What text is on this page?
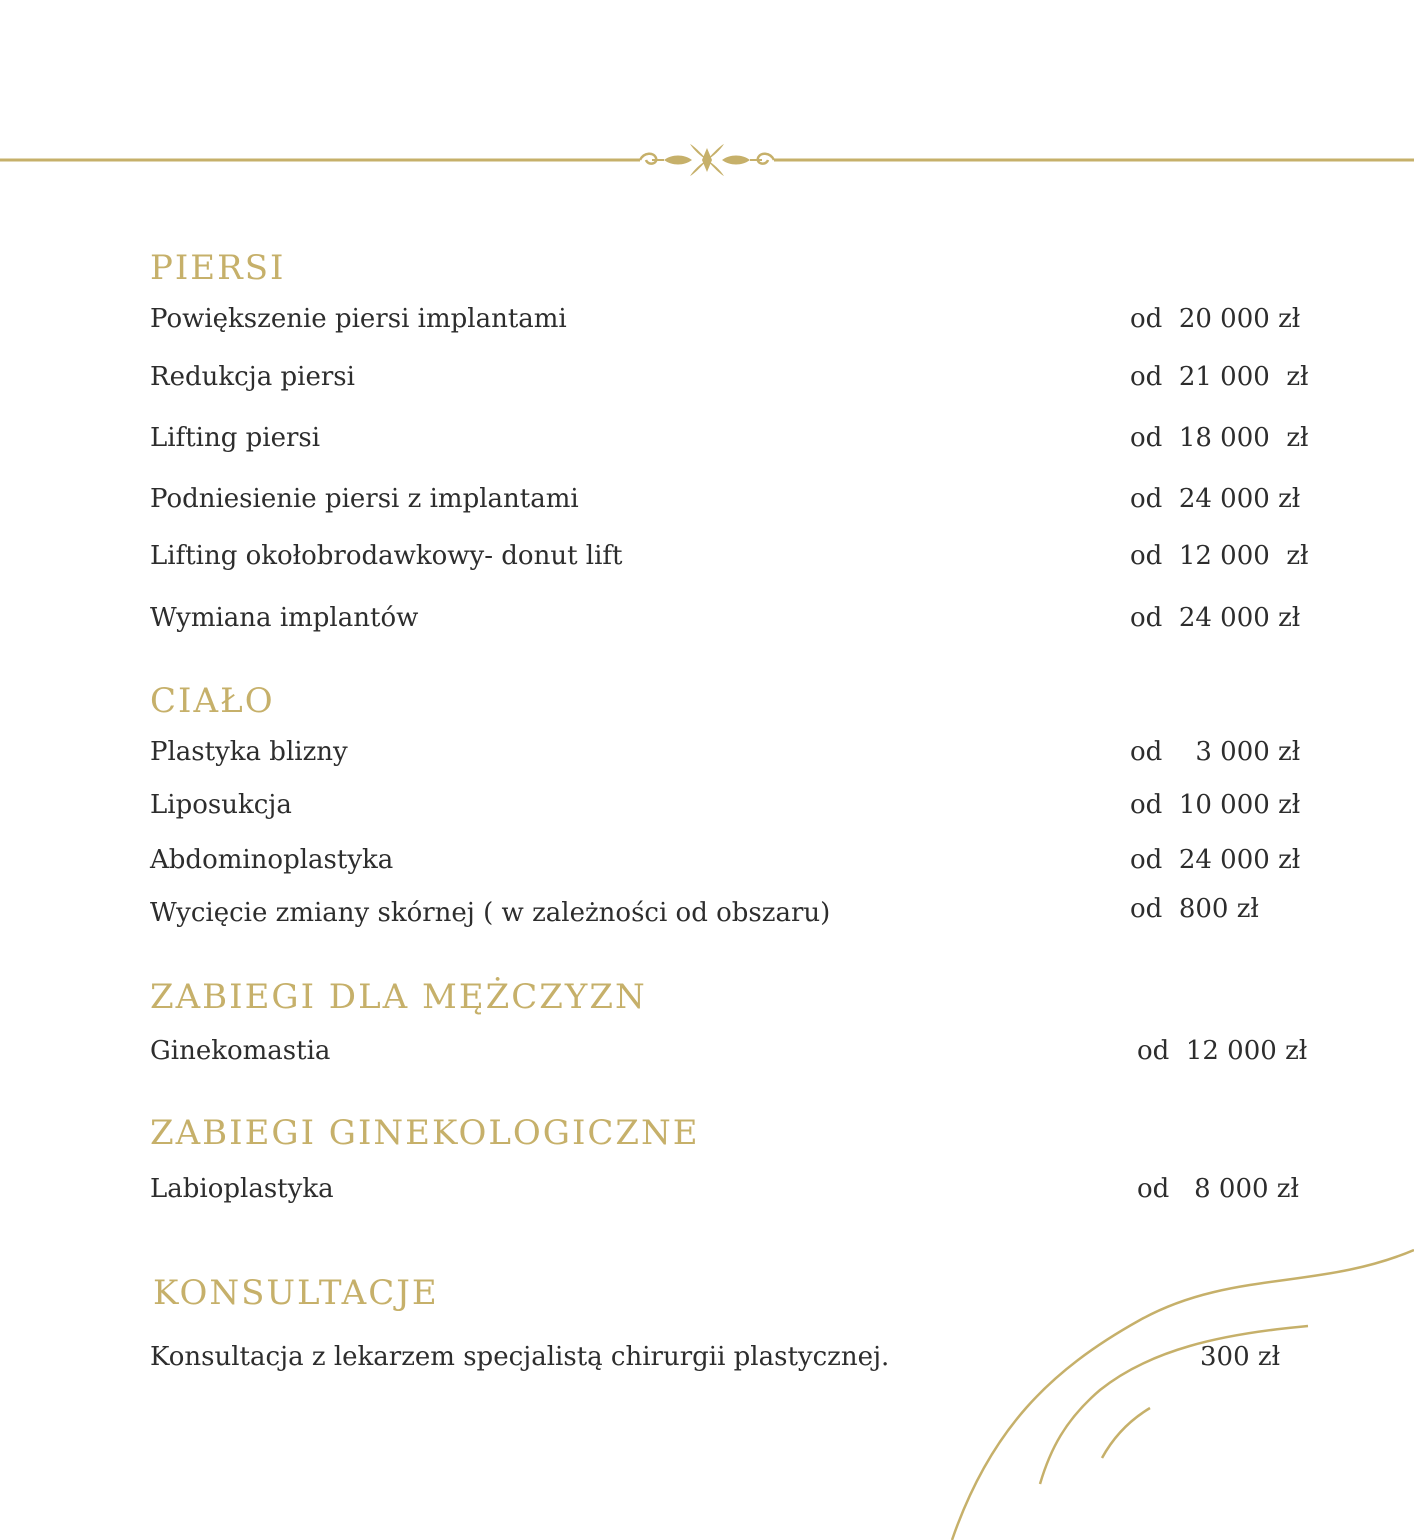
PIERSI
Powiększenie piersi implantami	od  20 000 zł
Redukcja piersi	od  21 000  zł
Lifting piersi	od  18 000  zł
Podniesienie piersi z implantami	od  24 000 zł
Lifting okołobrodawkowy- donut lift	od  12 000  zł
Wymiana implantów	od  24 000 zł
CIAŁO
Plastyka blizny	od    3 000 zł
Liposukcja	od  10 000 zł
Abdominoplastyka	od  24 000 zł
Wycięcie zmiany skórnej ( w zależności od obszaru)	od  800 zł
ZABIEGI DLA MĘŻCZYZN
Ginekomastia	od  12 000 zł
ZABIEGI GINEKOLOGICZNE
Labioplastyka	od   8 000 zł
KONSULTACJE
Konsultacja z lekarzem specjalistą chirurgii plastycznej.	300 zł
